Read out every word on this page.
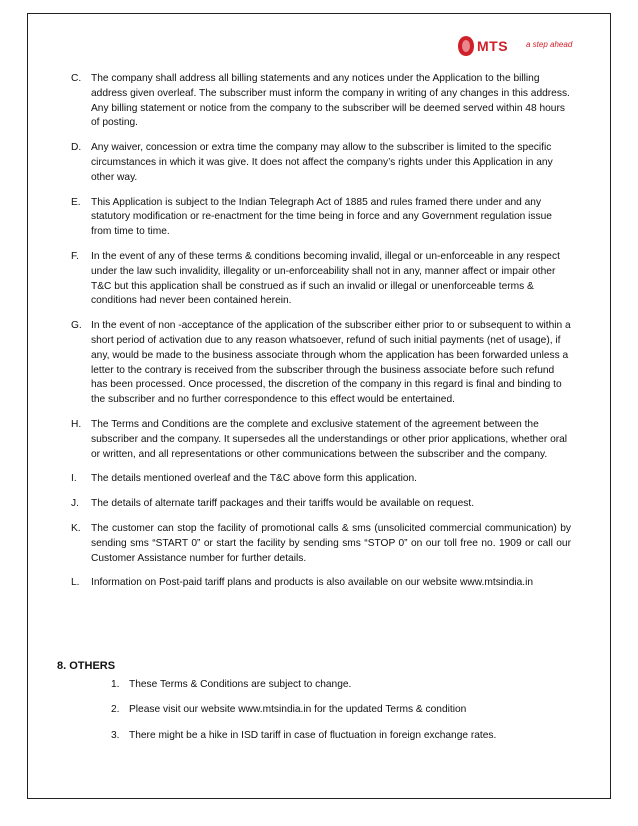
MTS a step ahead
C. The company shall address all billing statements and any notices under the Application to the billing address given overleaf. The subscriber must inform the company in writing of any changes in this address. Any billing statement or notice from the company to the subscriber will be deemed served within 48 hours of posting.
D. Any waiver, concession or extra time the company may allow to the subscriber is limited to the specific circumstances in which it was give. It does not affect the company’s rights under this Application in any other way.
E.	This Application is subject to the Indian Telegraph Act of 1885 and rules framed there under and any statutory modification or re-enactment for the time being in force and any Government regulation issue from time to time.
F.	In the event of any of these terms & conditions becoming invalid, illegal or un-enforceable in any respect under the law such invalidity, illegality or un-enforceability shall not in any, manner affect or impair other T&C but this application shall be construed as if such an invalid or illegal or unenforceable terms & conditions had never been contained herein.
G. In the event of non -acceptance of the application of the subscriber either prior to or subsequent to within a short period of activation due to any reason whatsoever, refund of such initial payments (net of usage), if any, would be made to the business associate through whom the application has been forwarded unless a letter to the contrary is received from the subscriber through the business associate before such refund has been processed. Once processed, the discretion of the company in this regard is final and binding to the subscriber and no further correspondence to this effect would be entertained.
H. The Terms and Conditions are the complete and exclusive statement of the agreement between the subscriber and the company. It supersedes all the understandings or other prior applications, whether oral or written, and all representations or other communications between the subscriber and the company.
I.	The details mentioned overleaf and the T&C above form this application.
J.	The details of alternate tariff packages and their tariffs would be available on request.
K.	The customer can stop the facility of promotional calls & sms (unsolicited commercial communication) by sending sms “START 0” or start the facility by sending sms “STOP 0” on our toll free no. 1909 or call our Customer Assistance number for further details.
L.	Information on Post-paid tariff plans and products is also available on our website www.mtsindia.in
8. OTHERS
1. These Terms & Conditions are subject to change.
2. Please visit our website www.mtsindia.in for the updated Terms & condition
3. There might be a hike in ISD tariff in case of fluctuation in foreign exchange rates.
